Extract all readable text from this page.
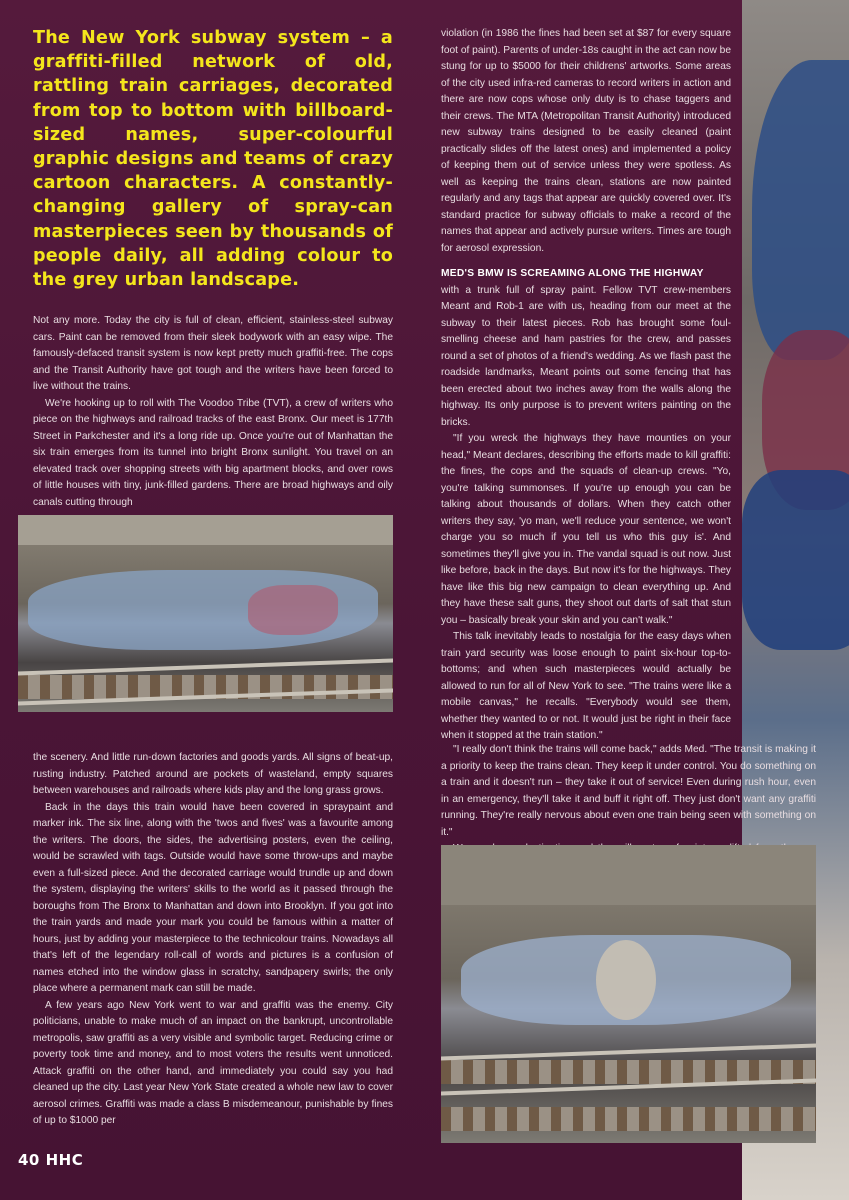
The New York subway system – a graffiti-filled network of old, rattling train carriages, decorated from top to bottom with billboard-sized names, super-colourful graphic designs and teams of crazy cartoon characters. A constantly-changing gallery of spray-can masterpieces seen by thousands of people daily, all adding colour to the grey urban landscape.

Not any more. Today the city is full of clean, efficient, stainless-steel subway cars. Paint can be removed from their sleek bodywork with an easy wipe. The famously-defaced transit system is now kept pretty much graffiti-free. The cops and the Transit Authority have got tough and the writers have been forced to live without the trains.

We're hooking up to roll with The Voodoo Tribe (TVT), a crew of writers who piece on the highways and railroad tracks of the east Bronx. Our meet is 177th Street in Parkchester and it's a long ride up. Once you're out of Manhattan the six train emerges from its tunnel into bright Bronx sunlight. You travel on an elevated track over shopping streets with big apartment blocks, and over rows of little houses with tiny, junk-filled gardens. There are broad highways and oily canals cutting through

the scenery. And little run-down factories and goods yards. All signs of beat-up, rusting industry. Patched around are pockets of wasteland, empty squares between warehouses and railroads where kids play and the long grass grows.

Back in the days this train would have been covered in spraypaint and marker ink. The six line, along with the 'twos and fives' was a favourite among the writers. The doors, the sides, the advertising posters, even the ceiling, would be scrawled with tags. Outside would have some throw-ups and maybe even a full-sized piece. And the decorated carriage would trundle up and down the system, displaying the writers' skills to the world as it passed through the boroughs from The Bronx to Manhattan and down into Brooklyn. If you got into the train yards and made your mark you could be famous within a matter of hours, just by adding your masterpiece to the technicolour trains. Nowadays all that's left of the legendary roll-call of words and pictures is a confusion of names etched into the window glass in scratchy, sandpapery swirls; the only place where a permanent mark can still be made.

A few years ago New York went to war and graffiti was the enemy. City politicians, unable to make much of an impact on the bankrupt, uncontrollable metropolis, saw graffiti as a very visible and symbolic target. Reducing crime or poverty took time and money, and to most voters the results went unnoticed. Attack graffiti on the other hand, and immediately you could say you had cleaned up the city. Last year New York State created a whole new law to cover aerosol crimes. Graffiti was made a class B misdemeanour, punishable by fines of up to $1000 per

violation (in 1986 the fines had been set at $87 for every square foot of paint). Parents of under-18s caught in the act can now be stung for up to $5000 for their childrens' artworks. Some areas of the city used infra-red cameras to record writers in action and there are now cops whose only duty is to chase taggers and their crews. The MTA (Metropolitan Transit Authority) introduced new subway trains designed to be easily cleaned (paint practically slides off the latest ones) and implemented a policy of keeping them out of service unless they were spotless. As well as keeping the trains clean, stations are now painted regularly and any tags that appear are quickly covered over. It's standard practice for subway officials to make a record of the names that appear and actively pursue writers. Times are tough for aerosol expression.

MED'S BMW IS SCREAMING ALONG THE HIGHWAY
with a trunk full of spray paint. Fellow TVT crew-members Meant and Rob-1 are with us, heading from our meet at the subway to their latest pieces. Rob has brought some foul-smelling cheese and ham pastries for the crew, and passes round a set of photos of a friend's wedding. As we flash past the roadside landmarks, Meant points out some fencing that has been erected about two inches away from the walls along the highway. Its only purpose is to prevent writers painting on the bricks.

"If you wreck the highways they have mounties on your head," Meant declares, describing the efforts made to kill graffiti: the fines, the cops and the squads of clean-up crews. "Yo, you're talking summonses. If you're up enough you can be talking about thousands of dollars. When they catch other writers they say, 'yo man, we'll reduce your sentence, we won't charge you so much if you tell us who this guy is'. And sometimes they'll give you in. The vandal squad is out now. Just like before, back in the days. But now it's for the highways. They have like this big new campaign to clean everything up. And they have these salt guns, they shoot out darts of salt that stun you – basically break your skin and you can't walk."

This talk inevitably leads to nostalgia for the easy days when train yard security was loose enough to paint six-hour top-to-bottoms; and when such masterpieces would actually be allowed to run for all of New York to see. "The trains were like a mobile canvas," he recalls. "Everybody would see them, whether they wanted to or not. It would just be right in their face when it stopped at the train station."

"I really don't think the trains will come back," adds Med. "The transit is making it a priority to keep the trains clean. They keep it under control. You do something on a train and it doesn't run – they take it out of service! Even during rush hour, even in an emergency, they'll take it and buff it right off. They just don't want any graffiti running. They're really nervous about even one train being seen with something on it."

40 HHC
